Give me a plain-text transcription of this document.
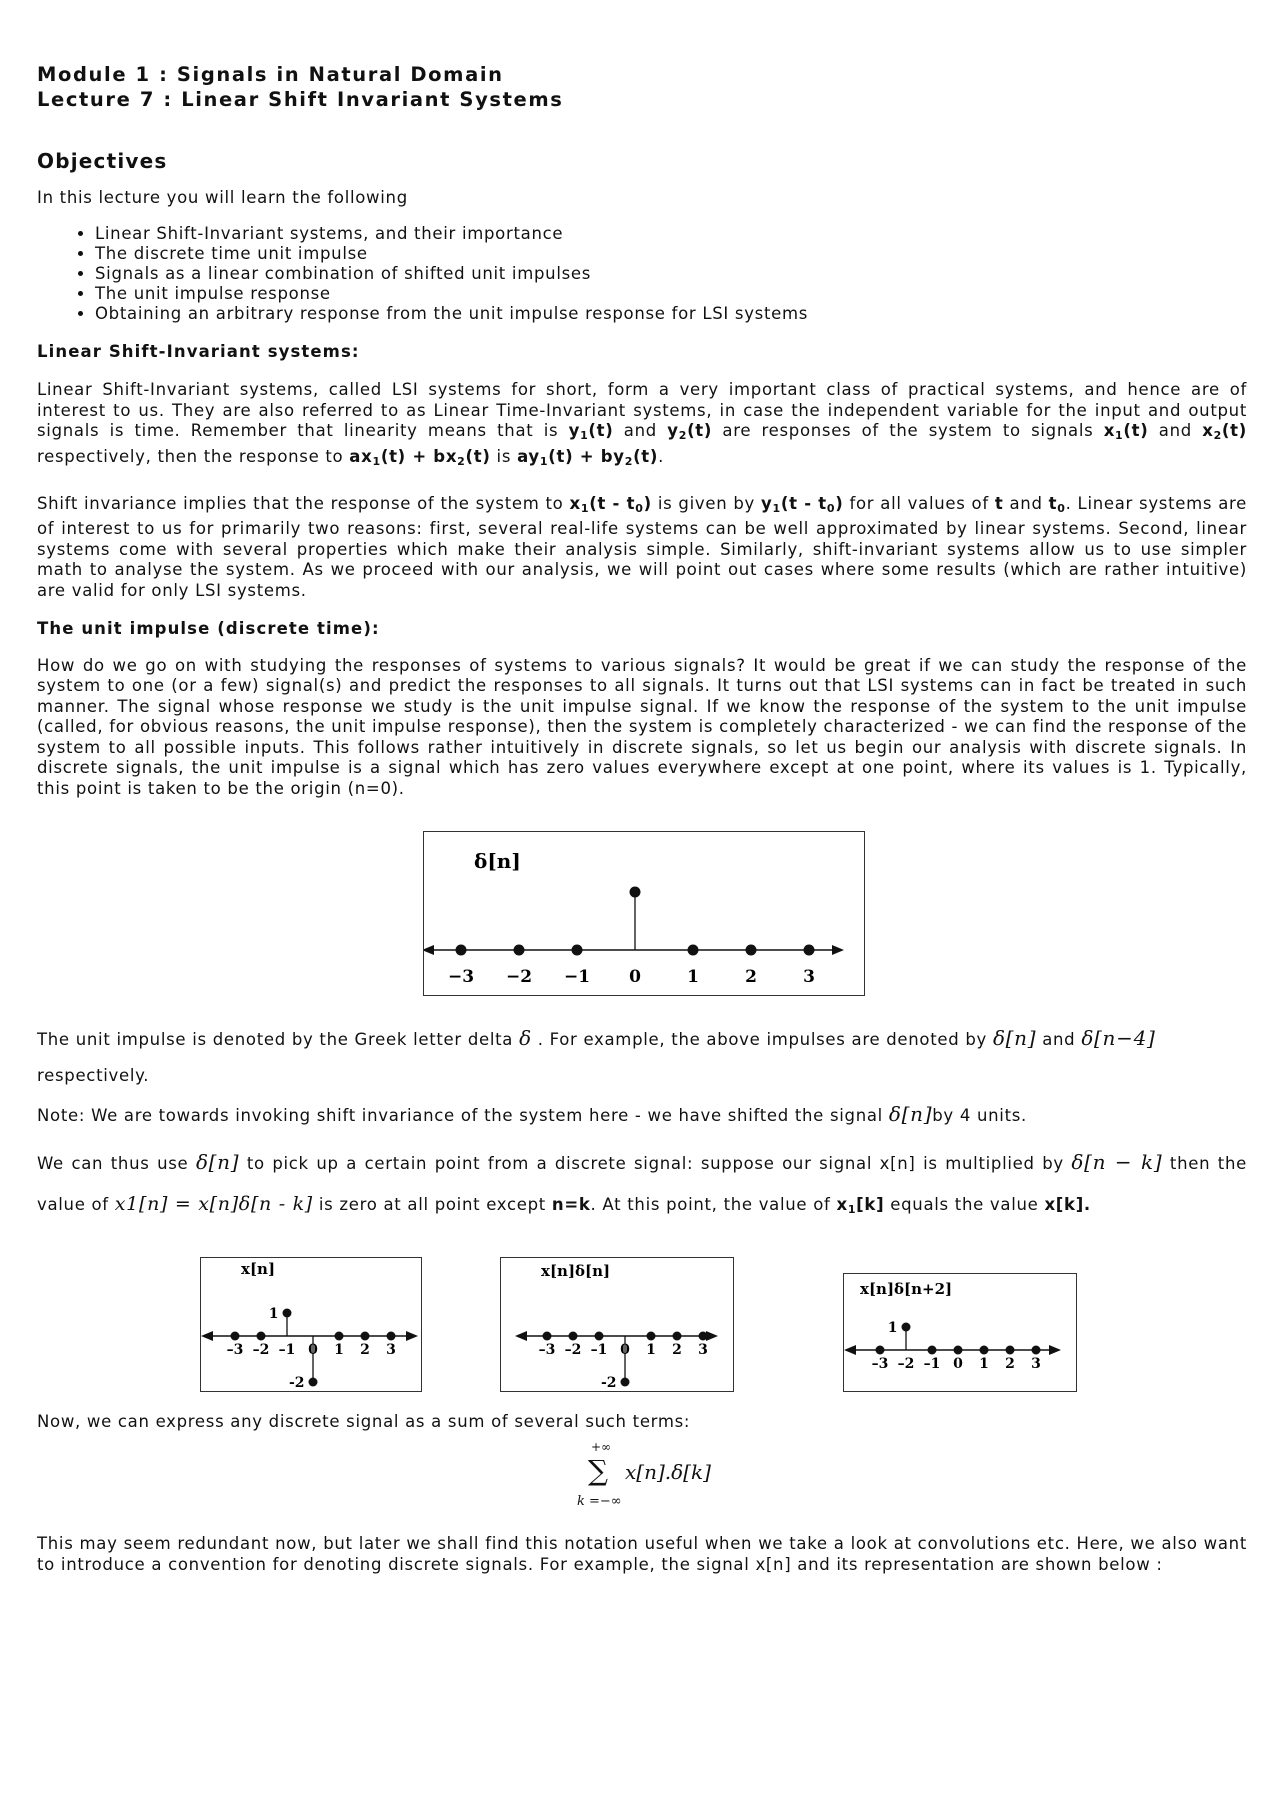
Module 1 : Signals in Natural Domain

Lecture 7 : Linear Shift Invariant Systems

Objectives

In this lecture you will learn the following

• Linear Shift-Invariant systems, and their importance
• The discrete time unit impulse
• Signals as a linear combination of shifted unit impulses
• The unit impulse response
• Obtaining an arbitrary response from the unit impulse response for LSI systems

Linear Shift-Invariant systems:

Linear Shift-Invariant systems, called LSI systems for short, form a very important class of practical systems, and hence are of interest to us. They are also referred to as Linear Time-Invariant systems, in case the independent variable for the input and output signals is time. Remember that linearity means that is $y_1(t)$ and $y_2(t)$ are responses of the system to signals $x_1(t)$ and $x_2(t)$ respectively, then the response to $ax_1(t) + bx_2(t)$ is $ay_1(t) + by_2(t)$.

Shift invariance implies that the response of the system to $x_1(t - t_0)$ is given by $y_1(t - t_0)$ for all values of t and $t_0$. Linear systems are of interest to us for primarily two reasons: first, several real-life systems can be well approximated by linear systems. Second, linear systems come with several properties which make their analysis simple. Similarly, shift-invariant systems allow us to use simpler math to analyse the system. As we proceed with our analysis, we will point out cases where some results (which are rather intuitive) are valid for only LSI systems.

The unit impulse (discrete time):

How do we go on with studying the responses of systems to various signals? It would be great if we can study the response of the system to one (or a few) signal(s) and predict the responses to all signals. It turns out that LSI systems can in fact be treated in such manner. The signal whose response we study is the unit impulse signal. If we know the response of the system to the unit impulse (called, for obvious reasons, the unit impulse response), then the system is completely characterized - we can find the response of the system to all possible inputs. This follows rather intuitively in discrete signals, so let us begin our analysis with discrete signals. In discrete signals, the unit impulse is a signal which has zero values everywhere except at one point, where its values is 1. Typically, this point is taken to be the origin (n=0).

δ[n]
−3 −2 −1 0	1	2	3

The unit impulse is denoted by the Greek letter delta δ . For example, the above impulses are denoted by δ[n] and δ[n−4]
respectively.

Note: We are towards invoking shift invariance of the system here - we have shifted the signal δ[n]by 4 units.

We can thus use δ[n] to pick up a certain point from a discrete signal: suppose our signal x[n] is multiplied by δ[n − k] then the value of x1[n] = x[n]δ[n - k] is zero at all point except n=k. At this point, the value of $x_1[k]$ equals the value x[k].

x[n]
–3 –2
1
–1
-2
0 1 2 3
x[n]δ[n]
–3 –2 –1
-2
0 1 2 3
x[n]δ[n+2]
–3
1
–2 –1 0 1 2 3

Now, we can express any discrete signal as a sum of several such terms:

+∞
∑ x[n].δ[k]
k =−∞

This may seem redundant now, but later we shall find this notation useful when we take a look at convolutions etc. Here, we also want to introduce a convention for denoting discrete signals. For example, the signal x[n] and its representation are shown below :
